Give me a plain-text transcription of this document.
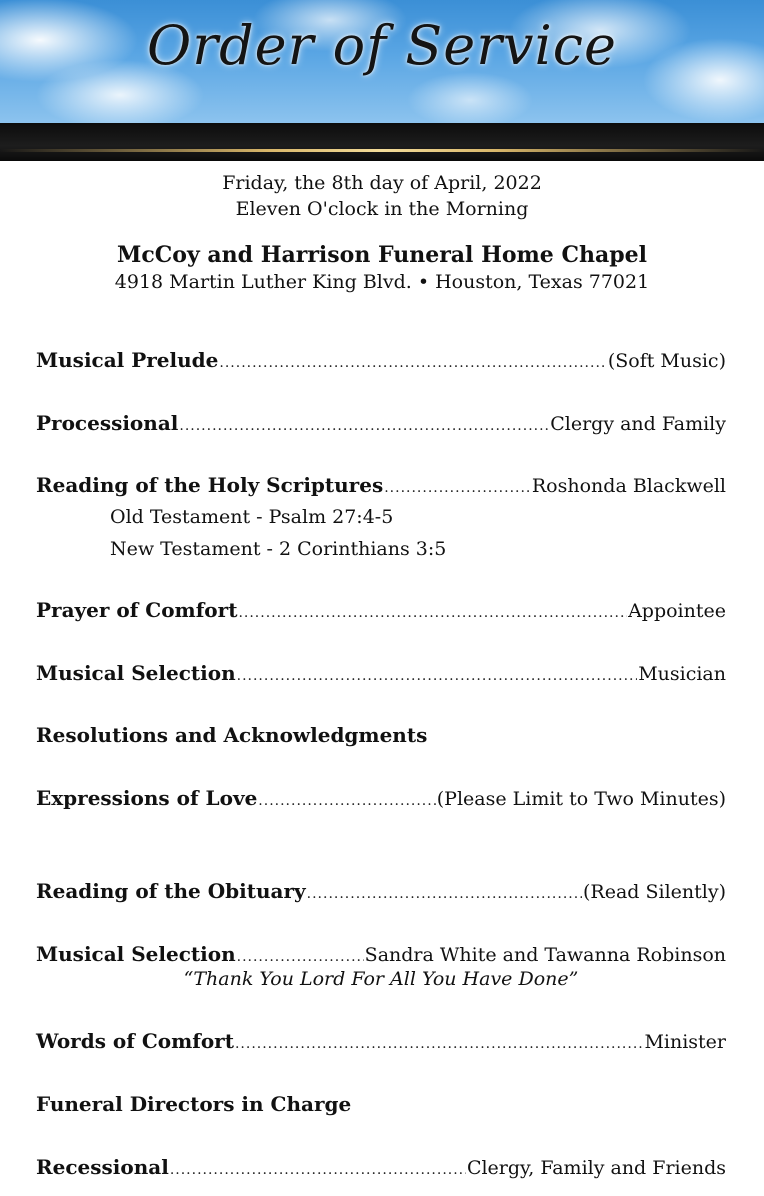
Order of Service
Friday, the 8th day of April, 2022
Eleven O'clock in the Morning
McCoy and Harrison Funeral Home Chapel
4918 Martin Luther King Blvd. • Houston, Texas 77021
Musical Prelude .....	(Soft Music)
Processional .....	Clergy and Family
Reading of the Holy Scriptures .....	Roshonda Blackwell
Old Testament - Psalm 27:4-5
New Testament - 2 Corinthians 3:5
Prayer of Comfort .....	Appointee
Musical Selection .....	Musician
Resolutions and Acknowledgments
Expressions of Love .....	(Please Limit to Two Minutes)
Reading of the Obituary .....	(Read Silently)
Musical Selection .....	Sandra White and Tawanna Robinson
“Thank You Lord For All You Have Done”
Words of Comfort .....	Minister
Funeral Directors in Charge
Recessional .....	Clergy, Family and Friends
